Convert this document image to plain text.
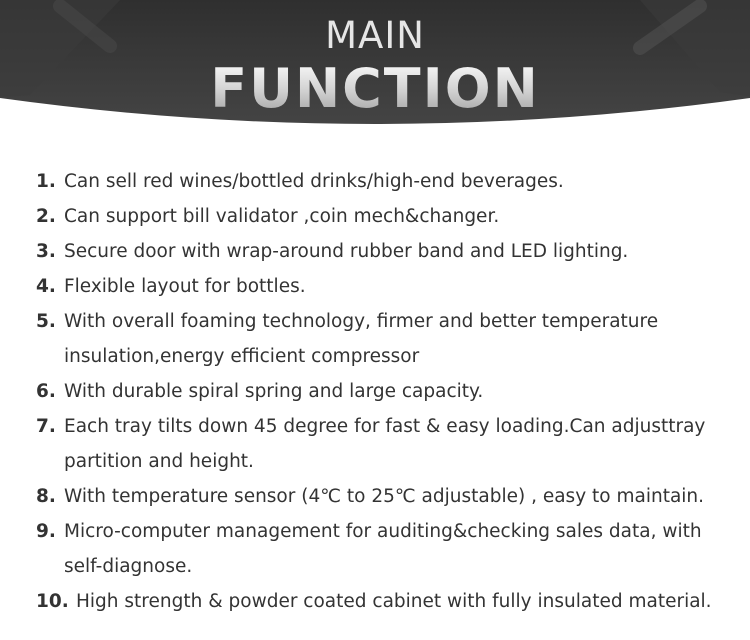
MAIN
FUNCTION
1. Can sell red wines/bottled drinks/high-end beverages.
2. Can support bill validator ,coin mech&changer.
3. Secure door with wrap-around rubber band and LED lighting.
4. Flexible layout for bottles.
5. With overall foaming technology, firmer and better temperature insulation,energy efficient compressor
6. With durable spiral spring and large capacity.
7. Each tray tilts down 45 degree for fast & easy loading.Can adjusttray partition and height.
8. With temperature sensor (4℃ to 25℃ adjustable) , easy to maintain.
9. Micro-computer management for auditing&checking sales data, with self-diagnose.
10. High strength & powder coated cabinet with fully insulated material.
